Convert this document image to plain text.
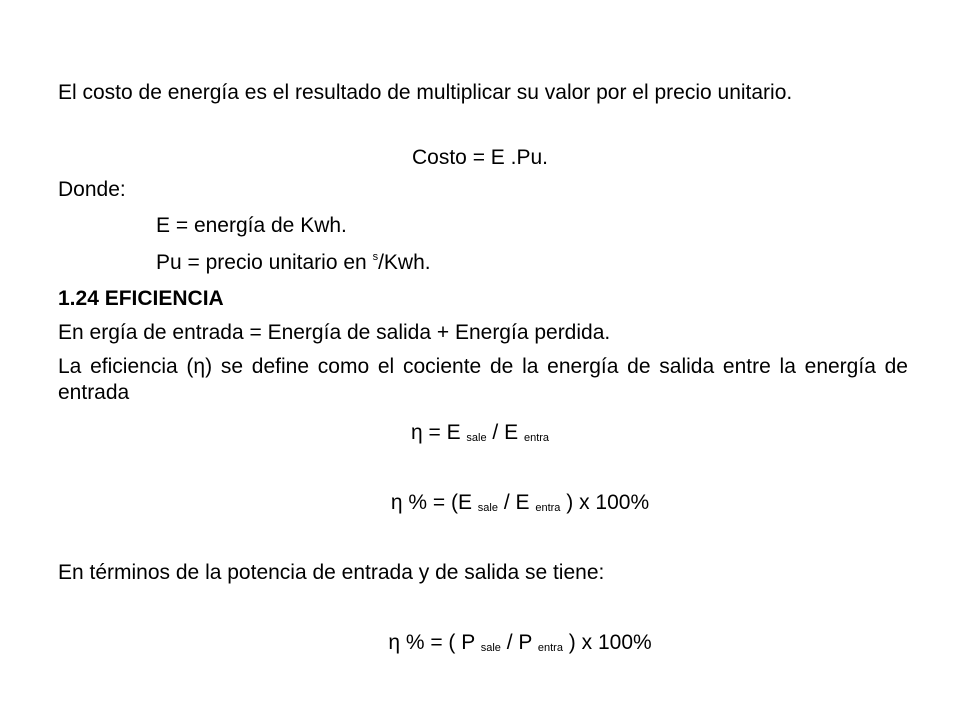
El costo de energía es el resultado de multiplicar su valor por el precio unitario.
Costo = E .Pu.
Donde:
E = energía de Kwh.
Pu = precio unitario en $^s$/Kwh.
1.24 EFICIENCIA
En ergía de entrada = Energía de salida + Energía perdida.
La eficiencia (η) se define como el cociente de la energía de salida entre la energía de entrada
η = E $_{sale}$ / E $_{entra}$
η % = (E $_{sale}$ / E $_{entra}$ ) x 100%
En términos de la potencia de entrada y de salida se tiene:
η % = ( P $_{sale}$ / P $_{entra}$ ) x 100%
